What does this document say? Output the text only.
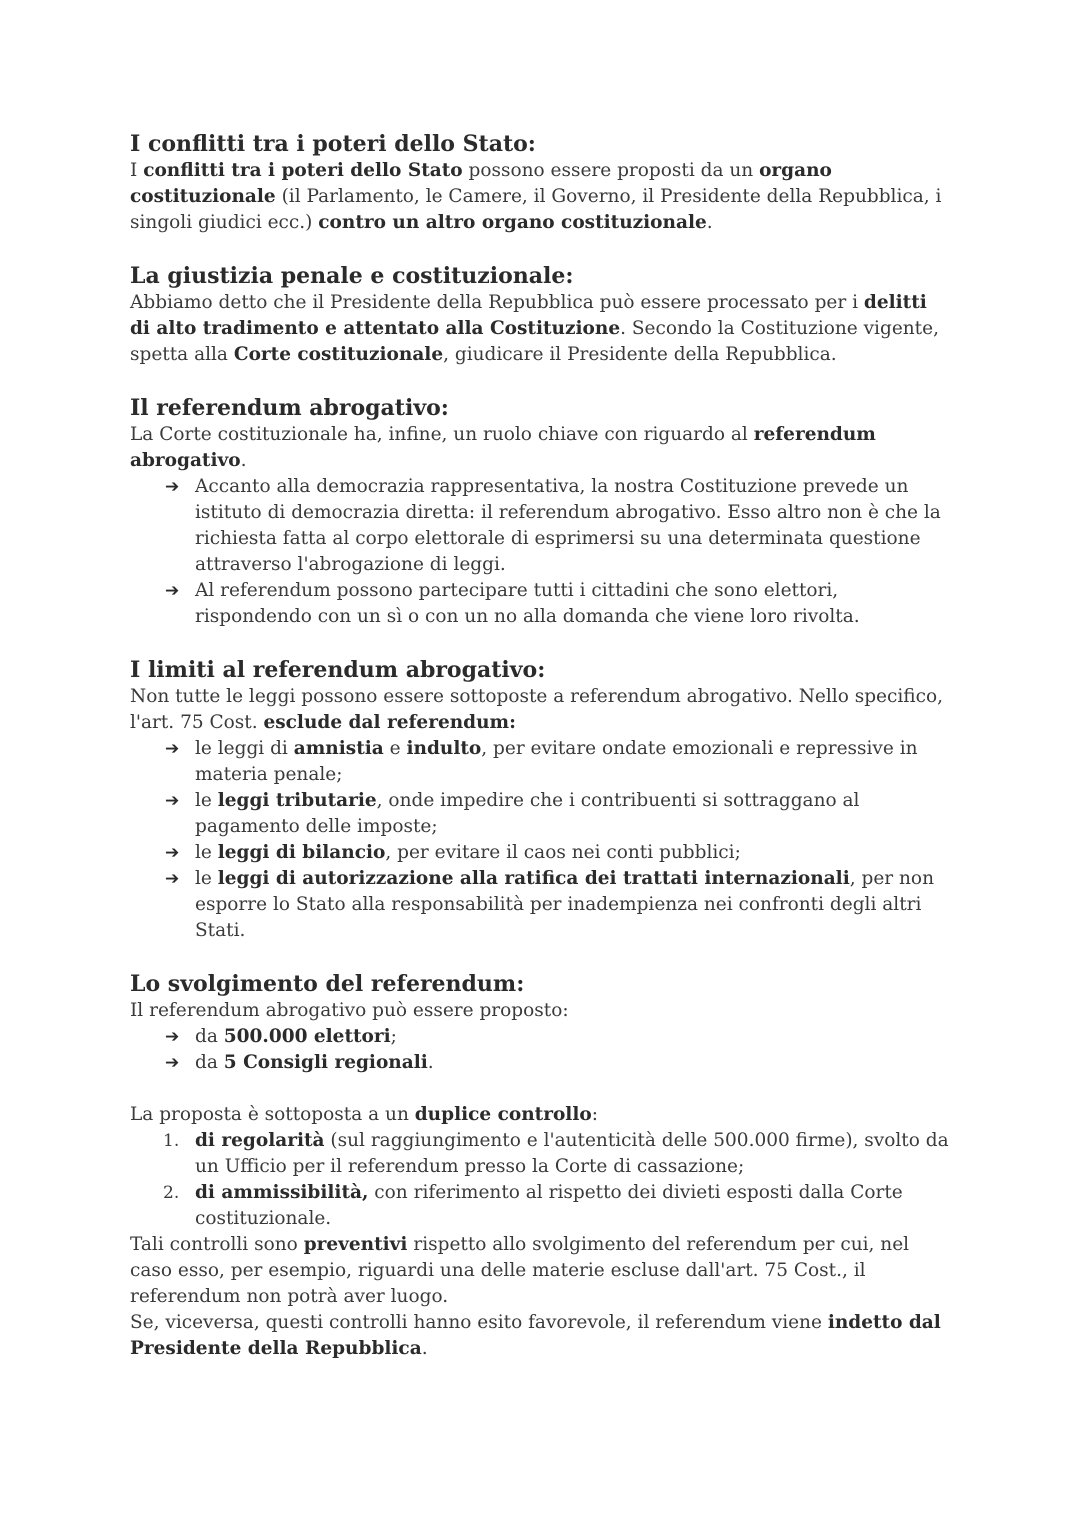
I conflitti tra i poteri dello Stato:

I conflitti tra i poteri dello Stato possono essere proposti da un organo costituzionale (il Parlamento, le Camere, il Governo, il Presidente della Repubblica, i singoli giudici ecc.) contro un altro organo costituzionale.

La giustizia penale e costituzionale:

Abbiamo detto che il Presidente della Repubblica può essere processato per i delitti di alto tradimento e attentato alla Costituzione. Secondo la Costituzione vigente, spetta alla Corte costituzionale, giudicare il Presidente della Repubblica.

Il referendum abrogativo:

La Corte costituzionale ha, infine, un ruolo chiave con riguardo al referendum abrogativo.

➔ Accanto alla democrazia rappresentativa, la nostra Costituzione prevede un istituto di democrazia diretta: il referendum abrogativo. Esso altro non è che la richiesta fatta al corpo elettorale di esprimersi su una determinata questione attraverso l'abrogazione di leggi.
➔ Al referendum possono partecipare tutti i cittadini che sono elettori, rispondendo con un sì o con un no alla domanda che viene loro rivolta.
I limiti al referendum abrogativo:

Non tutte le leggi possono essere sottoposte a referendum abrogativo. Nello specifico, l'art. 75 Cost. esclude dal referendum:

➔ le leggi di amnistia e indulto, per evitare ondate emozionali e repressive in materia penale;
➔ le leggi tributarie, onde impedire che i contribuenti si sottraggano al pagamento delle imposte;
➔ le leggi di bilancio, per evitare il caos nei conti pubblici;
➔ le leggi di autorizzazione alla ratifica dei trattati internazionali, per non esporre lo Stato alla responsabilità per inadempienza nei confronti degli altri Stati.
Lo svolgimento del referendum:

Il referendum abrogativo può essere proposto:

➔ da 500.000 elettori;
➔ da 5 Consigli regionali.

La proposta è sottoposta a un duplice controllo:

1. di regolarità (sul raggiungimento e l'autenticità delle 500.000 firme), svolto da un Ufficio per il referendum presso la Corte di cassazione;
2. di ammissibilità, con riferimento al rispetto dei divieti esposti dalla Corte costituzionale.

Tali controlli sono preventivi rispetto allo svolgimento del referendum per cui, nel caso esso, per esempio, riguardi una delle materie escluse dall'art. 75 Cost., il referendum non potrà aver luogo.

Se, viceversa, questi controlli hanno esito favorevole, il referendum viene indetto dal Presidente della Repubblica.
